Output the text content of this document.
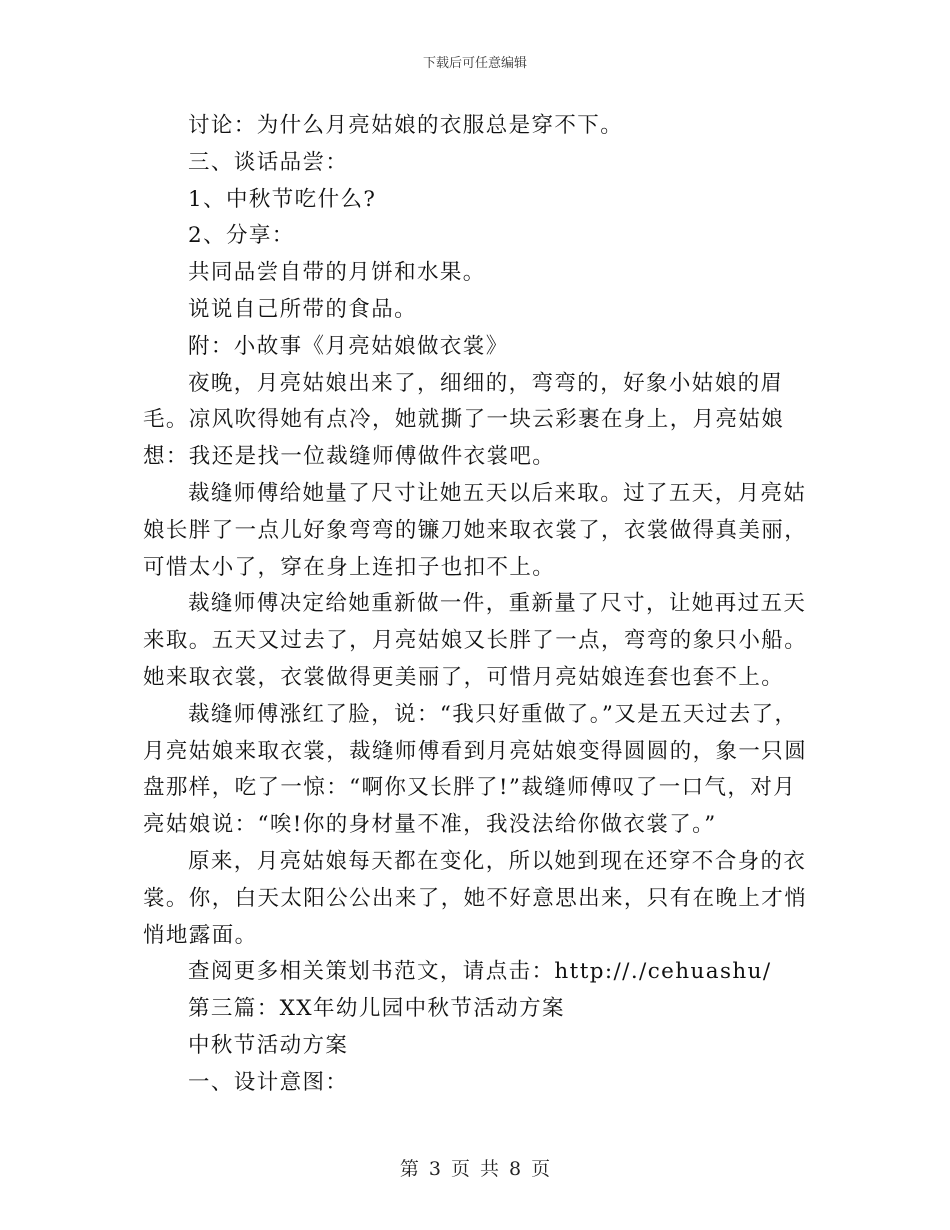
下载后可任意编辑

讨论：为什么月亮姑娘的衣服总是穿不下。

三、谈话品尝：

1、中秋节吃什么?

2、分享：

共同品尝自带的月饼和水果。

说说自己所带的食品。

附：小故事《月亮姑娘做衣裳》

夜晚，月亮姑娘出来了，细细的，弯弯的，好象小姑娘的眉毛。凉风吹得她有点冷，她就撕了一块云彩裹在身上，月亮姑娘想：我还是找一位裁缝师傅做件衣裳吧。

裁缝师傅给她量了尺寸让她五天以后来取。过了五天，月亮姑娘长胖了一点儿好象弯弯的镰刀她来取衣裳了，衣裳做得真美丽，可惜太小了，穿在身上连扣子也扣不上。

裁缝师傅决定给她重新做一件，重新量了尺寸，让她再过五天来取。五天又过去了，月亮姑娘又长胖了一点，弯弯的象只小船。她来取衣裳，衣裳做得更美丽了，可惜月亮姑娘连套也套不上。

裁缝师傅涨红了脸，说：“我只好重做了。”又是五天过去了，月亮姑娘来取衣裳，裁缝师傅看到月亮姑娘变得圆圆的，象一只圆盘那样，吃了一惊：“啊你又长胖了!”裁缝师傅叹了一口气，对月亮姑娘说：“唉!你的身材量不准，我没法给你做衣裳了。”

原来，月亮姑娘每天都在变化，所以她到现在还穿不合身的衣裳。你，白天太阳公公出来了，她不好意思出来，只有在晚上才悄悄地露面。

查阅更多相关策划书范文，请点击：http://./cehuashu/

第三篇：XX年幼儿园中秋节活动方案

中秋节活动方案

一、设计意图：

第 3 页 共 8 页
